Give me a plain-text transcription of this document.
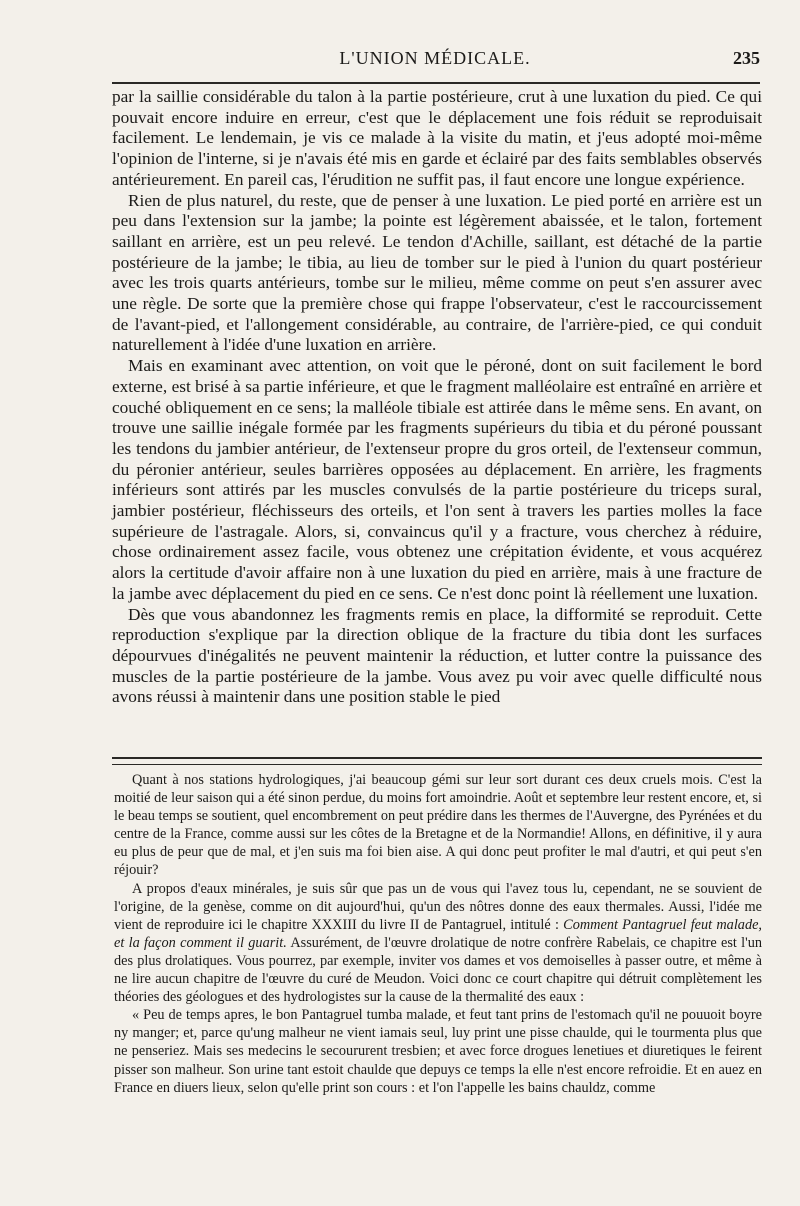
L'UNION MÉDICALE.	235

par la saillie considérable du talon à la partie postérieure, crut à une luxation du pied. Ce qui pouvait encore induire en erreur, c'est que le déplacement une fois réduit se reproduisait facilement. Le lendemain, je vis ce malade à la visite du matin, et j'eus adopté moi-même l'opinion de l'interne, si je n'avais été mis en garde et éclairé par des faits semblables observés antérieurement. En pareil cas, l'érudition ne suffit pas, il faut encore une longue expérience.

Rien de plus naturel, du reste, que de penser à une luxation. Le pied porté en arrière est un peu dans l'extension sur la jambe; la pointe est légèrement abaissée, et le talon, fortement saillant en arrière, est un peu relevé. Le tendon d'Achille, saillant, est détaché de la partie postérieure de la jambe; le tibia, au lieu de tomber sur le pied à l'union du quart postérieur avec les trois quarts antérieurs, tombe sur le milieu, même comme on peut s'en assurer avec une règle. De sorte que la première chose qui frappe l'observateur, c'est le raccourcissement de l'avant-pied, et l'allongement considérable, au contraire, de l'arrière-pied, ce qui conduit naturellement à l'idée d'une luxation en arrière.

Mais en examinant avec attention, on voit que le péroné, dont on suit facilement le bord externe, est brisé à sa partie inférieure, et que le fragment malléolaire est entraîné en arrière et couché obliquement en ce sens; la malléole tibiale est attirée dans le même sens. En avant, on trouve une saillie inégale formée par les fragments supérieurs du tibia et du péroné poussant les tendons du jambier antérieur, de l'extenseur propre du gros orteil, de l'extenseur commun, du péronier antérieur, seules barrières opposées au déplacement. En arrière, les fragments inférieurs sont attirés par les muscles convulsés de la partie postérieure du triceps sural, jambier postérieur, fléchisseurs des orteils, et l'on sent à travers les parties molles la face supérieure de l'astragale. Alors, si, convaincus qu'il y a fracture, vous cherchez à réduire, chose ordinairement assez facile, vous obtenez une crépitation évidente, et vous acquérez alors la certitude d'avoir affaire non à une luxation du pied en arrière, mais à une fracture de la jambe avec déplacement du pied en ce sens. Ce n'est donc point là réellement une luxation.

Dès que vous abandonnez les fragments remis en place, la difformité se reproduit. Cette reproduction s'explique par la direction oblique de la fracture du tibia dont les surfaces dépourvues d'inégalités ne peuvent maintenir la réduction, et lutter contre la puissance des muscles de la partie postérieure de la jambe. Vous avez pu voir avec quelle difficulté nous avons réussi à maintenir dans une position stable le pied

Quant à nos stations hydrologiques, j'ai beaucoup gémi sur leur sort durant ces deux cruels mois. C'est la moitié de leur saison qui a été sinon perdue, du moins fort amoindrie. Août et septembre leur restent encore, et, si le beau temps se soutient, quel encombrement on peut prédire dans les thermes de l'Auvergne, des Pyrénées et du centre de la France, comme aussi sur les côtes de la Bretagne et de la Normandie! Allons, en définitive, il y aura eu plus de peur que de mal, et j'en suis ma foi bien aise. A qui donc peut profiter le mal d'autri, et qui peut s'en réjouir?

A propos d'eaux minérales, je suis sûr que pas un de vous qui l'avez tous lu, cependant, ne se souvient de l'origine, de la genèse, comme on dit aujourd'hui, qu'un des nôtres donne des eaux thermales. Aussi, l'idée me vient de reproduire ici le chapitre XXXIII du livre II de Pantagruel, intitulé : Comment Pantagruel feut malade, et la façon comment il guarit. Assurément, de l'œuvre drolatique de notre confrère Rabelais, ce chapitre est l'un des plus drolatiques. Vous pourrez, par exemple, inviter vos dames et vos demoiselles à passer outre, et même à ne lire aucun chapitre de l'œuvre du curé de Meudon. Voici donc ce court chapitre qui détruit complètement les théories des géologues et des hydrologistes sur la cause de la thermalité des eaux :

« Peu de temps apres, le bon Pantagruel tumba malade, et feut tant prins de l'estomach qu'il ne pouuoit boyre ny manger; et, parce qu'ung malheur ne vient iamais seul, luy print une pisse chaulde, qui le tourmenta plus que ne penseriez. Mais ses medecins le secoururent tresbien; et avec force drogues lenetiues et diuretiques le feirent pisser son malheur. Son urine tant estoit chaulde que depuys ce temps la elle n'est encore refroidie. Et en auez en France en diuers lieux, selon qu'elle print son cours : et l'on l'appelle les bains chauldz, comme
